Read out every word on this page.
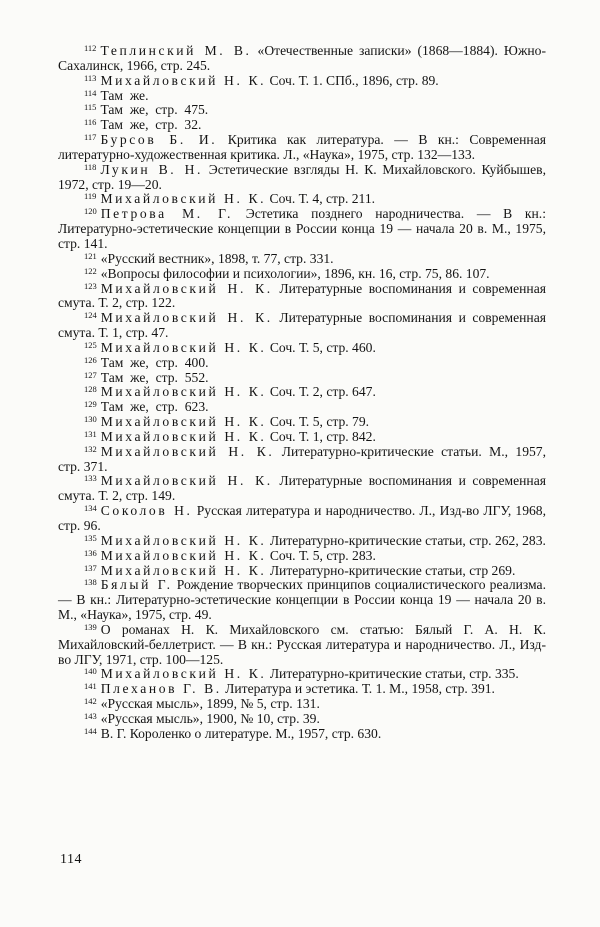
$^{112}$ Теплинский М. В. «Отечественные записки» (1868—1884). Южно-Сахалинск, 1966, стр. 245.

$^{113}$ Михайловский Н. К. Соч. Т. 1. СПб., 1896, стр. 89.

$^{114}$ Там  же.

$^{115}$ Там  же,  стр.  475.

$^{116}$ Там  же,  стр.  32.

$^{117}$ Бурсов Б. И. Критика как литература. — В кн.: Современная литературно-художественная критика. Л., «Наука», 1975, стр. 132—133.

$^{118}$ Лукин В. Н. Эстетические взгляды Н. К. Михайловского. Куйбышев, 1972, стр. 19—20.

$^{119}$ Михайловский Н. К. Соч. Т. 4, стр. 211.

$^{120}$ Петрова М. Г. Эстетика позднего народничества. — В кн.: Литературно-эстетические концепции в России конца 19 — начала 20 в. М., 1975, стр. 141.

$^{121}$ «Русский вестник», 1898, т. 77, стр. 331.

$^{122}$ «Вопросы философии и психологии», 1896, кн. 16, стр. 75, 86. 107.

$^{123}$ Михайловский Н. К. Литературные воспоминания и современная смута. Т. 2, стр. 122.

$^{124}$ Михайловский Н. К. Литературные воспоминания и современная смута. Т. 1, стр. 47.

$^{125}$ Михайловский Н. К. Соч. Т. 5, стр. 460.

$^{126}$ Там  же,  стр.  400.

$^{127}$ Там  же,  стр.  552.

$^{128}$ Михайловский Н. К. Соч. Т. 2, стр. 647.

$^{129}$ Там  же,  стр.  623.

$^{130}$ Михайловский Н. К. Соч. Т. 5, стр. 79.

$^{131}$ Михайловский Н. К. Соч. Т. 1, стр. 842.

$^{132}$ Михайловский Н. К. Литературно-критические статьи. М., 1957, стр. 371.

$^{133}$ Михайловский Н. К. Литературные воспоминания и современная смута. Т. 2, стр. 149.

$^{134}$ Соколов Н. Русская литература и народничество. Л., Изд-во ЛГУ, 1968, стр. 96.

$^{135}$ Михайловский Н. К. Литературно-критические статьи, стр. 262, 283.

$^{136}$ Михайловский Н. К. Соч. Т. 5, стр. 283.

$^{137}$ Михайловский Н. К. Литературно-критические статьи, стр 269.

$^{138}$ Бялый Г. Рождение творческих принципов социалистического реализма. — В кн.: Литературно-эстетические концепции в России конца 19 — начала 20 в. М., «Наука», 1975, стр. 49.

$^{139}$ О романах Н. К. Михайловского см. статью: Бялый Г. А. Н. К. Михайловский-беллетрист. — В кн.: Русская литература и народничество. Л., Изд-во ЛГУ, 1971, стр. 100—125.

$^{140}$ Михайловский Н. К. Литературно-критические статьи, стр. 335.

$^{141}$ Плеханов Г. В. Литература и эстетика. Т. 1. М., 1958, стр. 391.

$^{142}$ «Русская мысль», 1899, № 5, стр. 131.

$^{143}$ «Русская мысль», 1900, № 10, стр. 39.

$^{144}$ В. Г. Короленко о литературе. М., 1957, стр. 630.

114
